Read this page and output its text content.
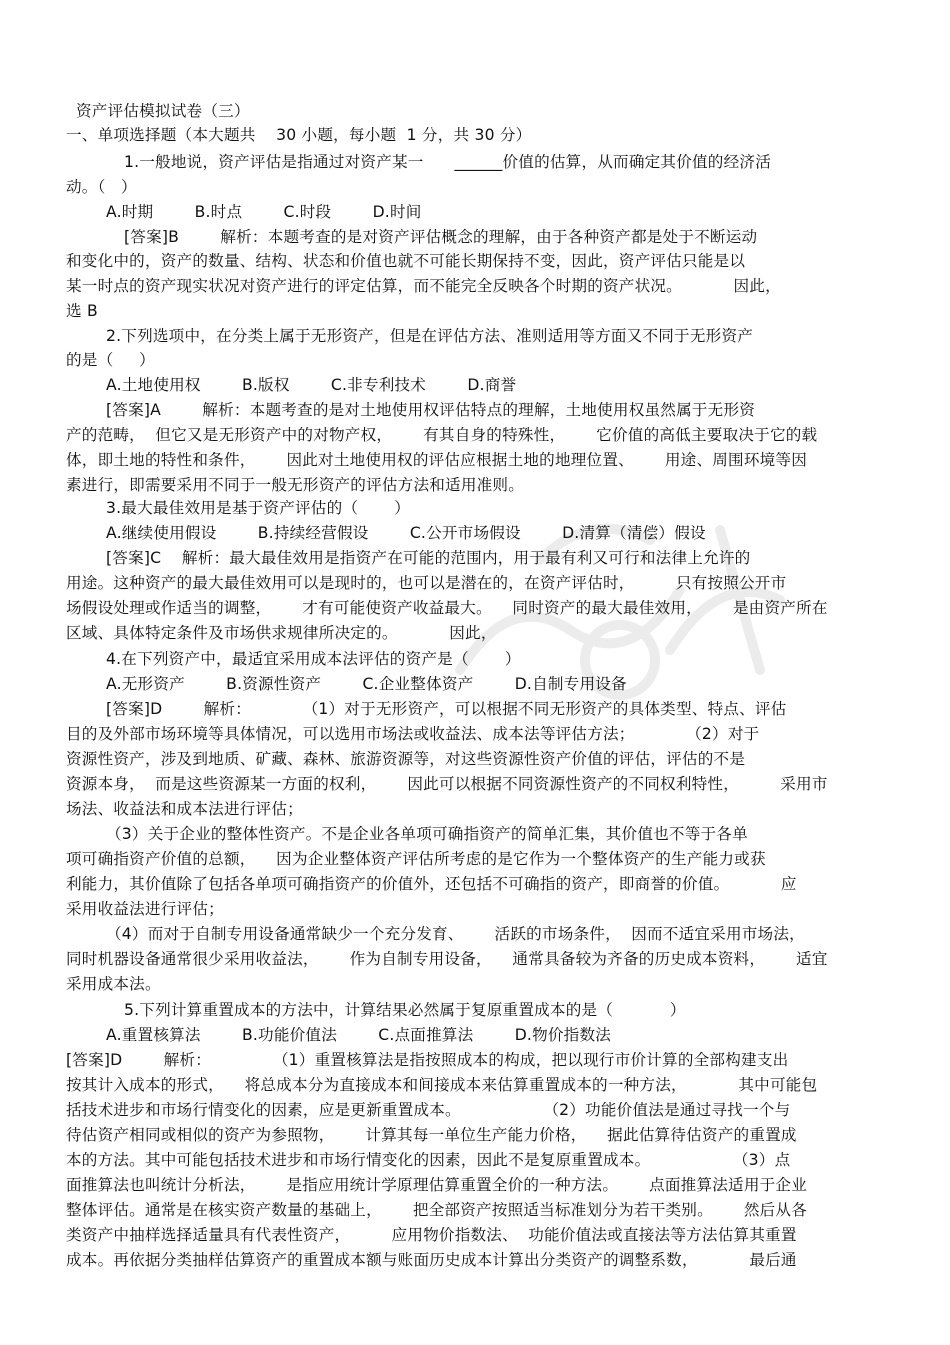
资产评估模拟试卷（三）
一、单项选择题（本大题共    30 小题，每小题  1 分，共 30 分）
1.一般地说，资产评估是指通过对资产某一      ______价值的估算，从而确定其价值的经济活
动。（   ）
A.时期        B.时点        C.时段        D.时间
[答案]B        解析：本题考查的是对资产评估概念的理解，由于各种资产都是处于不断运动
和变化中的，资产的数量、结构、状态和价值也就不可能长期保持不变，因此，资产评估只能是以
某一时点的资产现实状况对资产进行的评定估算，而不能完全反映各个时期的资产状况。          因此，
选 B
2.下列选项中，在分类上属于无形资产，但是在评估方法、准则适用等方面又不同于无形资产
的是（     ）
A.土地使用权        B.版权        C.非专利技术        D.商誉
[答案]A        解析：本题考查的是对土地使用权评估特点的理解，土地使用权虽然属于无形资
产的范畴，  但它又是无形资产中的对物产权，      有其自身的特殊性，      它价值的高低主要取决于它的载
体，即土地的特性和条件，      因此对土地使用权的评估应根据土地的地理位置、      用途、周围环境等因
素进行，即需要采用不同于一般无形资产的评估方法和适用准则。
3.最大最佳效用是基于资产评估的（       ）
A.继续使用假设        B.持续经营假设        C.公开市场假设        D.清算（清偿）假设
[答案]C    解析：最大最佳效用是指资产在可能的范围内，用于最有利又可行和法律上允许的
用途。这种资产的最大最佳效用可以是现时的，也可以是潜在的，在资产评估时，        只有按照公开市
场假设处理或作适当的调整，      才有可能使资产收益最大。    同时资产的最大最佳效用，      是由资产所在
区域、具体特定条件及市场供求规律所决定的。          因此，
4.在下列资产中，最适宜采用成本法评估的资产是（       ）
A.无形资产        B.资源性资产        C.企业整体资产        D.自制专用设备
[答案]D        解析：          （1）对于无形资产，可以根据不同无形资产的具体类型、特点、评估
目的及外部市场环境等具体情况，可以选用市场法或收益法、成本法等评估方法；          （2）对于
资源性资产，涉及到地质、矿藏、森林、旅游资源等，对这些资源性资产价值的评估，评估的不是
资源本身，  而是这些资源某一方面的权利，      因此可以根据不同资源性资产的不同权利特性，        采用市
场法、收益法和成本法进行评估；
（3）关于企业的整体性资产。不是企业各单项可确指资产的简单汇集，其价值也不等于各单
项可确指资产价值的总额，    因为企业整体资产评估所考虑的是它作为一个整体资产的生产能力或获
利能力，其价值除了包括各单项可确指资产的价值外，还包括不可确指的资产，即商誉的价值。          应
采用收益法进行评估；
（4）而对于自制专用设备通常缺少一个充分发育、      活跃的市场条件，  因而不适宜采用市场法，
同时机器设备通常很少采用收益法，      作为自制专用设备，    通常具备较为齐备的历史成本资料，      适宜
采用成本法。
5.下列计算重置成本的方法中，计算结果必然属于复原重置成本的是（           ）
A.重置核算法        B.功能价值法        C.点面推算法        D.物价指数法
[答案]D        解析：            （1）重置核算法是指按照成本的构成，把以现行市价计算的全部构建支出
按其计入成本的形式，    将总成本分为直接成本和间接成本来估算重置成本的一种方法，          其中可能包
括技术进步和市场行情变化的因素，应是更新重置成本。                （2）功能价值法是通过寻找一个与
待估资产相同或相似的资产为参照物，      计算其每一单位生产能力价格，    据此估算待估资产的重置成
本的方法。其中可能包括技术进步和市场行情变化的因素，因此不是复原重置成本。                （3）点
面推算法也叫统计分析法，      是指应用统计学原理估算重置全价的一种方法。      点面推算法适用于企业
整体评估。通常是在核实资产数量的基础上，      把全部资产按照适当标准划分为若干类别。      然后从各
类资产中抽样选择适量具有代表性资产，        应用物价指数法、  功能价值法或直接法等方法估算其重置
成本。再依据分类抽样估算资产的重置成本额与账面历史成本计算出分类资产的调整系数，          最后通
